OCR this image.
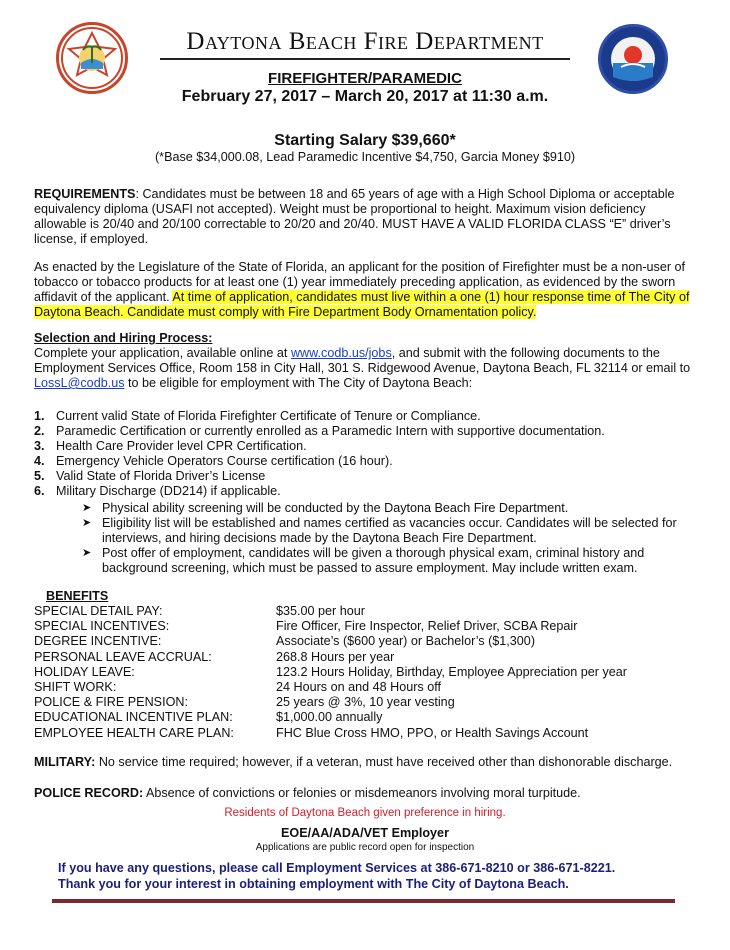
Daytona Beach Fire Department
FIREFIGHTER/PARAMEDIC
February 27, 2017 – March 20, 2017 at 11:30 a.m.
Starting Salary $39,660*
(*Base $34,000.08, Lead Paramedic Incentive $4,750, Garcia Money $910)

REQUIREMENTS: Candidates must be between 18 and 65 years of age with a High School Diploma or acceptable equivalency diploma (USAFI not accepted). Weight must be proportional to height. Maximum vision deficiency allowable is 20/40 and 20/100 correctable to 20/20 and 20/40. MUST HAVE A VALID FLORIDA CLASS “E” driver’s license, if employed.

As enacted by the Legislature of the State of Florida, an applicant for the position of Firefighter must be a non-user of tobacco or tobacco products for at least one (1) year immediately preceding application, as evidenced by the sworn affidavit of the applicant. At time of application, candidates must live within a one (1) hour response time of The City of Daytona Beach. Candidate must comply with Fire Department Body Ornamentation policy.

Selection and Hiring Process:

Complete your application, available online at www.codb.us/jobs, and submit with the following documents to the Employment Services Office, Room 158 in City Hall, 301 S. Ridgewood Avenue, Daytona Beach, FL 32114 or email to LossL@codb.us to be eligible for employment with The City of Daytona Beach:

1. Current valid State of Florida Firefighter Certificate of Tenure or Compliance.
2. Paramedic Certification or currently enrolled as a Paramedic Intern with supportive documentation.
3. Health Care Provider level CPR Certification.
4. Emergency Vehicle Operators Course certification (16 hour).
5. Valid State of Florida Driver’s License
6. Military Discharge (DD214) if applicable.
➤ Physical ability screening will be conducted by the Daytona Beach Fire Department.
➤ Eligibility list will be established and names certified as vacancies occur. Candidates will be selected for interviews, and hiring decisions made by the Daytona Beach Fire Department.
➤ Post offer of employment, candidates will be given a thorough physical exam, criminal history and background screening, which must be passed to assure employment. May include written exam.
BENEFITS
SPECIAL DETAIL PAY:	$35.00 per hour
SPECIAL INCENTIVES:	Fire Officer, Fire Inspector, Relief Driver, SCBA Repair
DEGREE INCENTIVE:	Associate’s ($600 year) or Bachelor’s ($1,300)
PERSONAL LEAVE ACCRUAL:	268.8 Hours per year
HOLIDAY LEAVE:	123.2 Hours Holiday, Birthday, Employee Appreciation per year
SHIFT WORK:	24 Hours on and 48 Hours off
POLICE & FIRE PENSION:	25 years @ 3%, 10 year vesting
EDUCATIONAL INCENTIVE PLAN:	$1,000.00 annually
EMPLOYEE HEALTH CARE PLAN:	FHC Blue Cross HMO, PPO, or Health Savings Account

MILITARY: No service time required; however, if a veteran, must have received other than dishonorable discharge.

POLICE RECORD: Absence of convictions or felonies or misdemeanors involving moral turpitude.

Residents of Daytona Beach given preference in hiring.
EOE/AA/ADA/VET Employer
Applications are public record open for inspection
If you have any questions, please call Employment Services at 386-671-8210 or 386-671-8221.
Thank you for your interest in obtaining employment with The City of Daytona Beach.
